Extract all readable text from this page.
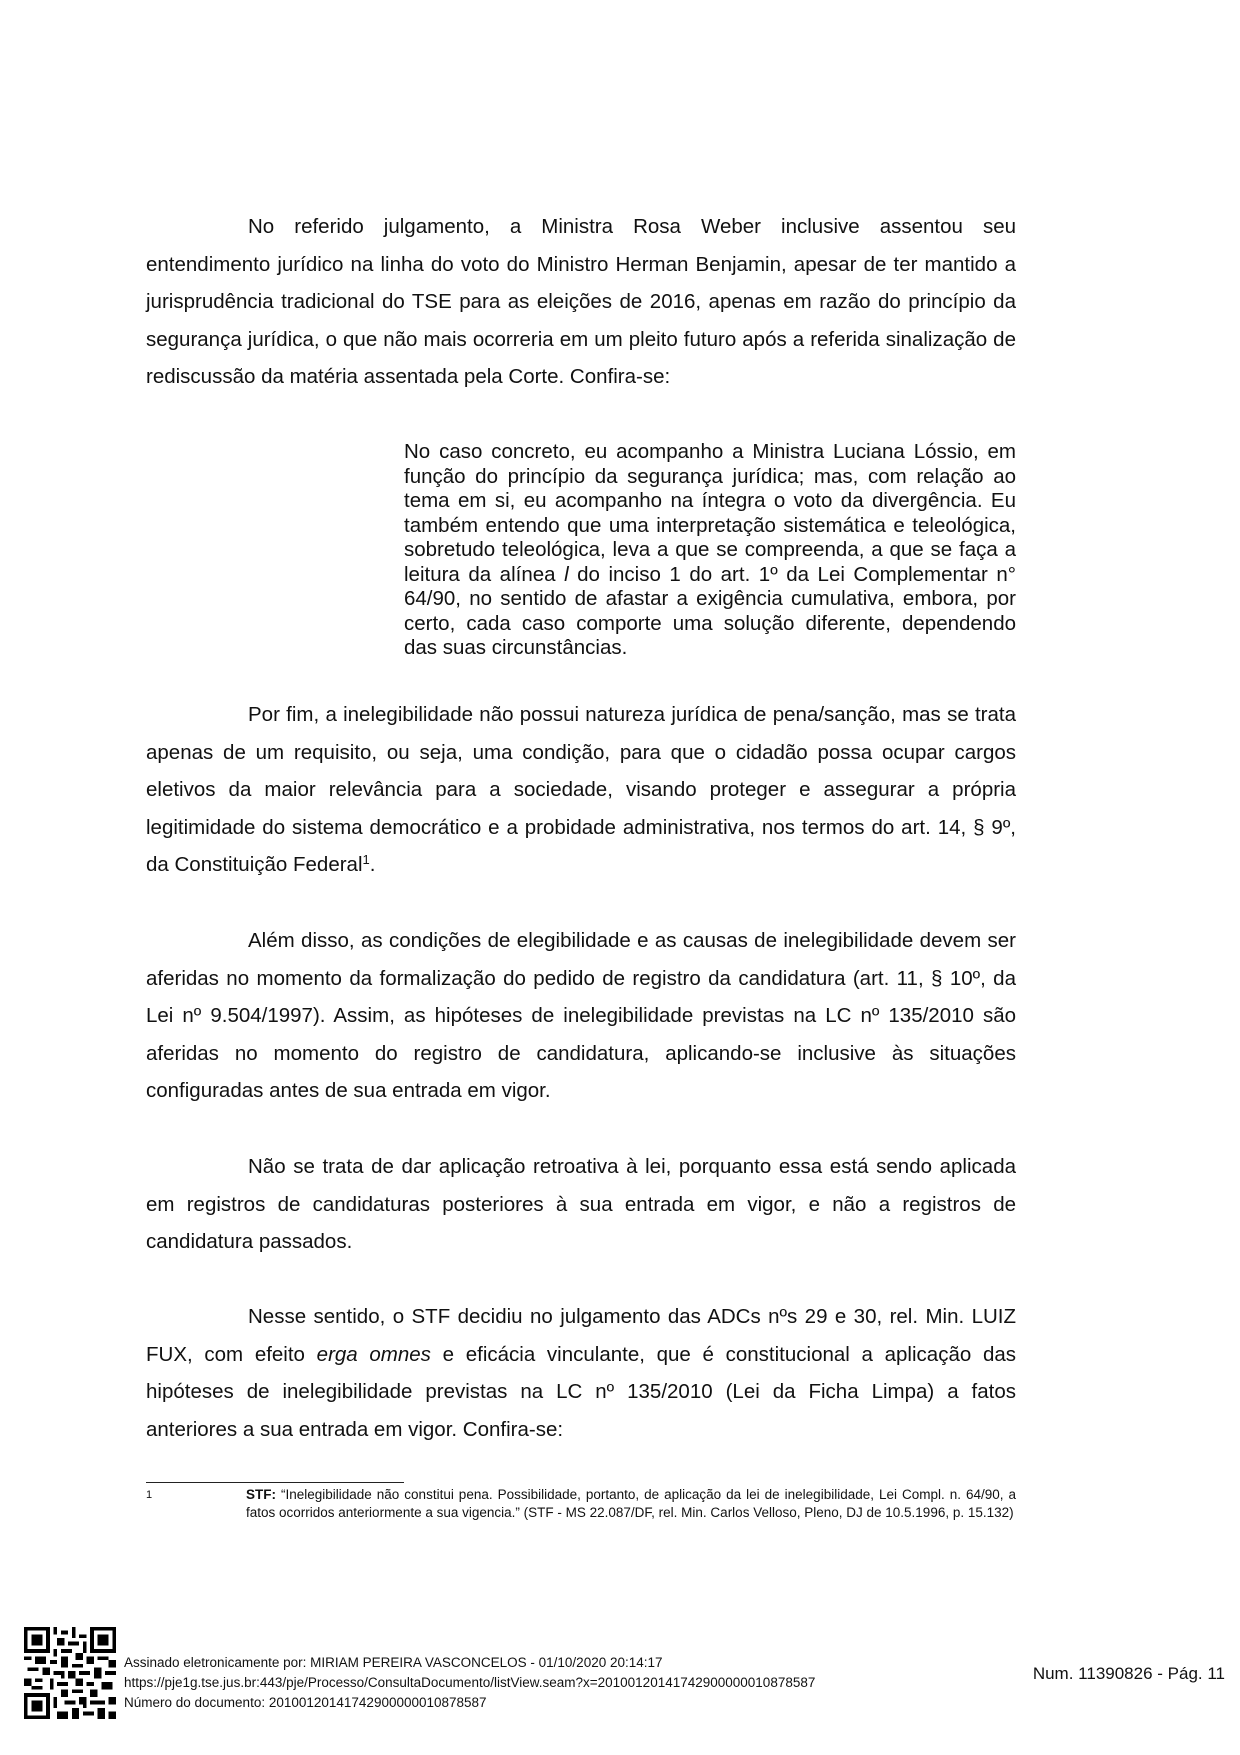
No referido julgamento, a Ministra Rosa Weber inclusive assentou seu entendimento jurídico na linha do voto do Ministro Herman Benjamin, apesar de ter mantido a jurisprudência tradicional do TSE para as eleições de 2016, apenas em razão do princípio da segurança jurídica, o que não mais ocorreria em um pleito futuro após a referida sinalização de rediscussão da matéria assentada pela Corte. Confira-se:

No caso concreto, eu acompanho a Ministra Luciana Lóssio, em função do princípio da segurança jurídica; mas, com relação ao tema em si, eu acompanho na íntegra o voto da divergência. Eu também entendo que uma interpretação sistemática e teleológica, sobretudo teleológica, leva a que se compreenda, a que se faça a leitura da alínea l do inciso 1 do art. 1º da Lei Complementar n° 64/90, no sentido de afastar a exigência cumulativa, embora, por certo, cada caso comporte uma solução diferente, dependendo das suas circunstâncias.

Por fim, a inelegibilidade não possui natureza jurídica de pena/sanção, mas se trata apenas de um requisito, ou seja, uma condição, para que o cidadão possa ocupar cargos eletivos da maior relevância para a sociedade, visando proteger e assegurar a própria legitimidade do sistema democrático e a probidade administrativa, nos termos do art. 14, § 9º, da Constituição Federal$^1$.

Além disso, as condições de elegibilidade e as causas de inelegibilidade devem ser aferidas no momento da formalização do pedido de registro da candidatura (art. 11, § 10º, da Lei nº 9.504/1997). Assim, as hipóteses de inelegibilidade previstas na LC nº 135/2010 são aferidas no momento do registro de candidatura, aplicando-se inclusive às situações configuradas antes de sua entrada em vigor.

Não se trata de dar aplicação retroativa à lei, porquanto essa está sendo aplicada em registros de candidaturas posteriores à sua entrada em vigor, e não a registros de candidatura passados.

Nesse sentido, o STF decidiu no julgamento das ADCs nºs 29 e 30, rel. Min. LUIZ FUX, com efeito erga omnes e eficácia vinculante, que é constitucional a aplicação das hipóteses de inelegibilidade previstas na LC nº 135/2010 (Lei da Ficha Limpa) a fatos anteriores a sua entrada em vigor. Confira-se:

1	STF: “Inelegibilidade não constitui pena. Possibilidade, portanto, de aplicação da lei de inelegibilidade, Lei Compl. n. 64/90, a fatos ocorridos anteriormente a sua vigencia.” (STF - MS 22.087/DF, rel. Min. Carlos Velloso, Pleno, DJ de 10.5.1996, p. 15.132)
Assinado eletronicamente por: MIRIAM PEREIRA VASCONCELOS - 01/10/2020 20:14:17
https://pje1g.tse.jus.br:443/pje/Processo/ConsultaDocumento/listView.seam?x=20100120141742900000010878587
Número do documento: 20100120141742900000010878587
Num. 11390826 - Pág. 11
